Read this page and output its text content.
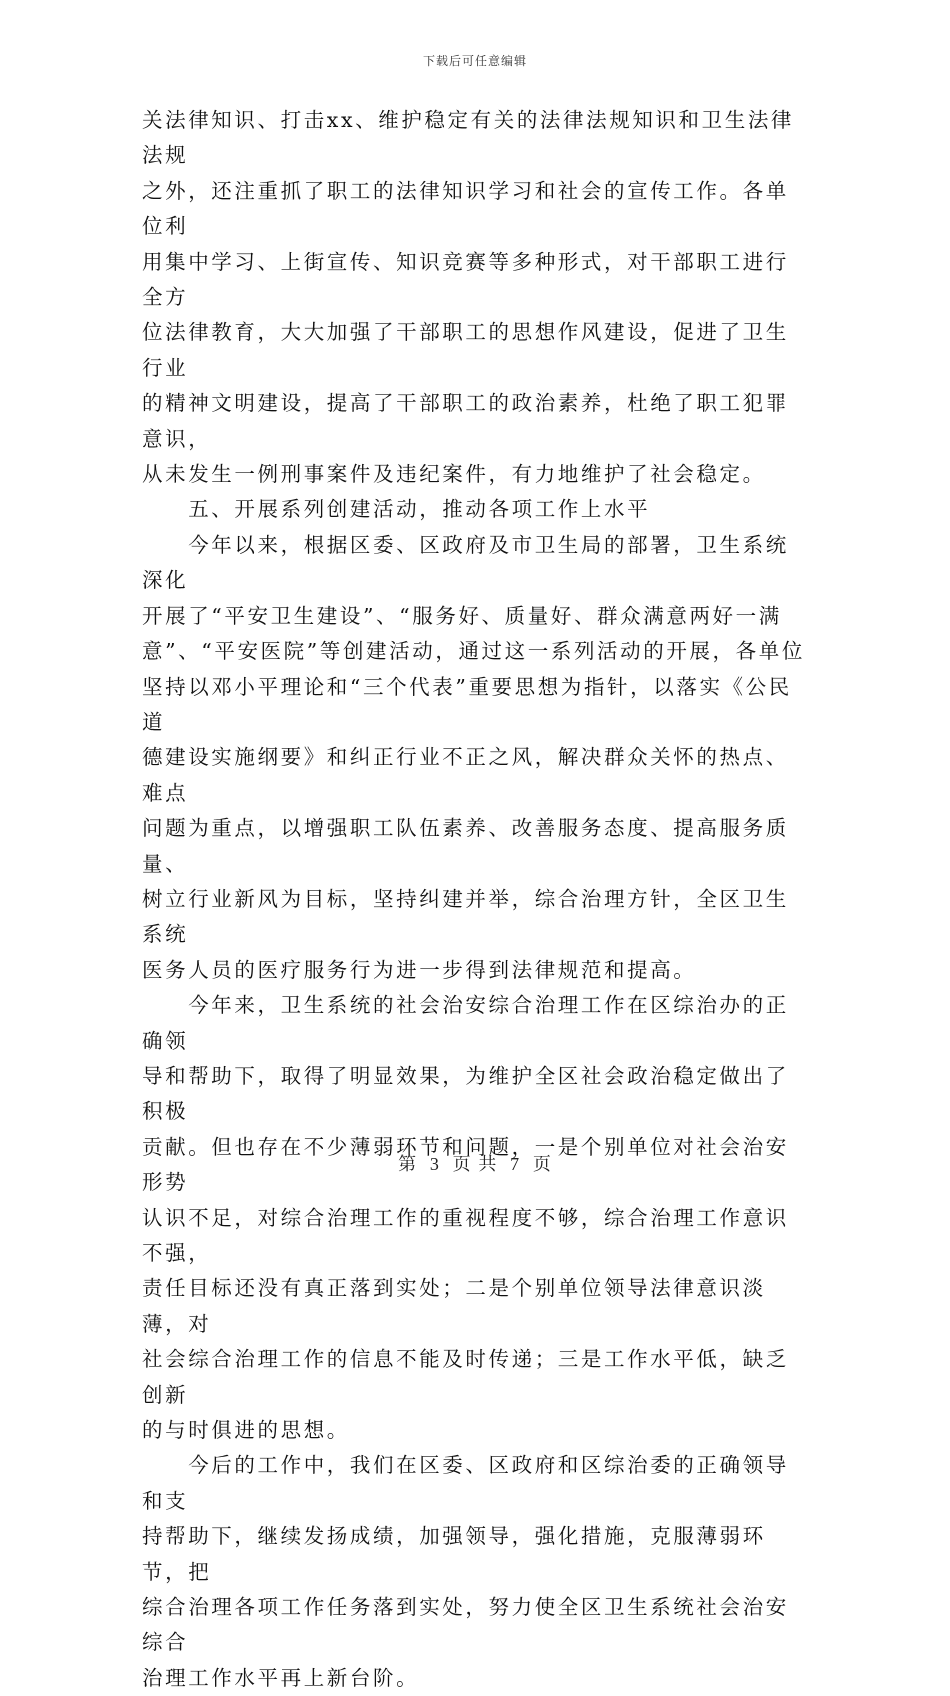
下载后可任意编辑

关法律知识、打击xx、维护稳定有关的法律法规知识和卫生法律法规
之外，还注重抓了职工的法律知识学习和社会的宣传工作。各单位利
用集中学习、上街宣传、知识竞赛等多种形式，对干部职工进行全方
位法律教育，大大加强了干部职工的思想作风建设，促进了卫生行业
的精神文明建设，提高了干部职工的政治素养，杜绝了职工犯罪意识，
从未发生一例刑事案件及违纪案件，有力地维护了社会稳定。

　　五、开展系列创建活动，推动各项工作上水平

　　今年以来，根据区委、区政府及市卫生局的部署，卫生系统深化
开展了“平安卫生建设”、“服务好、质量好、群众满意两好一满
意”、“平安医院”等创建活动，通过这一系列活动的开展，各单位
坚持以邓小平理论和“三个代表”重要思想为指针，以落实《公民道
德建设实施纲要》和纠正行业不正之风，解决群众关怀的热点、难点
问题为重点，以增强职工队伍素养、改善服务态度、提高服务质量、
树立行业新风为目标，坚持纠建并举，综合治理方针，全区卫生系统
医务人员的医疗服务行为进一步得到法律规范和提高。

　　今年来，卫生系统的社会治安综合治理工作在区综治办的正确领
导和帮助下，取得了明显效果，为维护全区社会政治稳定做出了积极
贡献。但也存在不少薄弱环节和问题，一是个别单位对社会治安形势
认识不足，对综合治理工作的重视程度不够，综合治理工作意识不强，
责任目标还没有真正落到实处；二是个别单位领导法律意识淡薄，对
社会综合治理工作的信息不能及时传递；三是工作水平低，缺乏创新
的与时俱进的思想。

　　今后的工作中，我们在区委、区政府和区综治委的正确领导和支
持帮助下，继续发扬成绩，加强领导，强化措施，克服薄弱环节，把
综合治理各项工作任务落到实处，努力使全区卫生系统社会治安综合
治理工作水平再上新台阶。

第 3 页 共 7 页
